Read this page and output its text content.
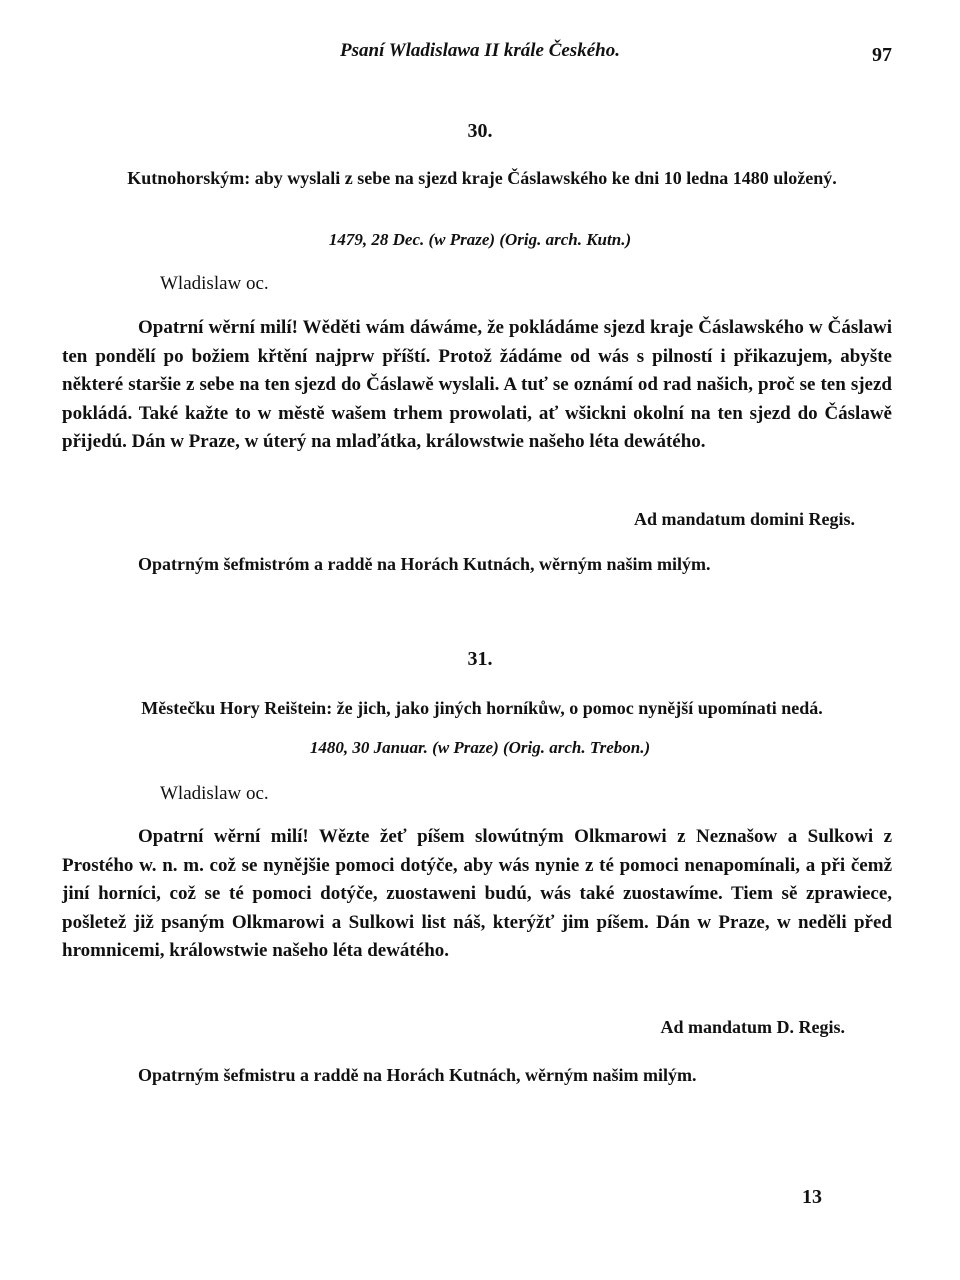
Psaní Wladislawa II krále Českého.	97
30.
Kutnohorským: aby wyslali z sebe na sjezd kraje Čáslawského ke dni 10 ledna 1480 uložený.
1479, 28 Dec. (w Praze) (Orig. arch. Kutn.)
Wladislaw oc.
Opatrní wěrní milí! Wěděti wám dáwáme, že pokládáme sjezd kraje Čáslawského w Čáslawi ten pondělí po božiem křtění najprw příští. Protož žádáme od wás s pilností i přikazujem, abyšte některé staršie z sebe na ten sjezd do Čáslawě wyslali. A tuť se oznámí od rad našich, proč se ten sjezd pokládá. Také kažte to w městě wašem trhem prowolati, ať wšickni okolní na ten sjezd do Čáslawě přijedú. Dán w Praze, w úterý na mlaďátka, králowstwie našeho léta dewátého.
Ad mandatum domini Regis.
Opatrným šefmistróm a raddě na Horách Kutnách, wěrným našim milým.
31.
Městečku Hory Reištein: že jich, jako jiných horníkůw, o pomoc nynější upomínati nedá.
1480, 30 Januar. (w Praze) (Orig. arch. Trebon.)
Wladislaw oc.
Opatrní wěrní milí! Wězte žeť píšem slowútným Olkmarowi z Neznašow a Sulkowi z Prostého w. n. m. což se nynějšie pomoci dotýče, aby wás nynie z té pomoci nenapomínali, a při čemž jiní horníci, což se té pomoci dotýče, zuostaweni budú, wás také zuostawíme. Tiem sě zprawiece, pošletež již psaným Olkmarowi a Sulkowi list náš, kterýžť jim píšem. Dán w Praze, w neděli před hromnicemi, králowstwie našeho léta dewátého.
Ad mandatum D. Regis.
Opatrným šefmistru a raddě na Horách Kutnách, wěrným našim milým.
13
